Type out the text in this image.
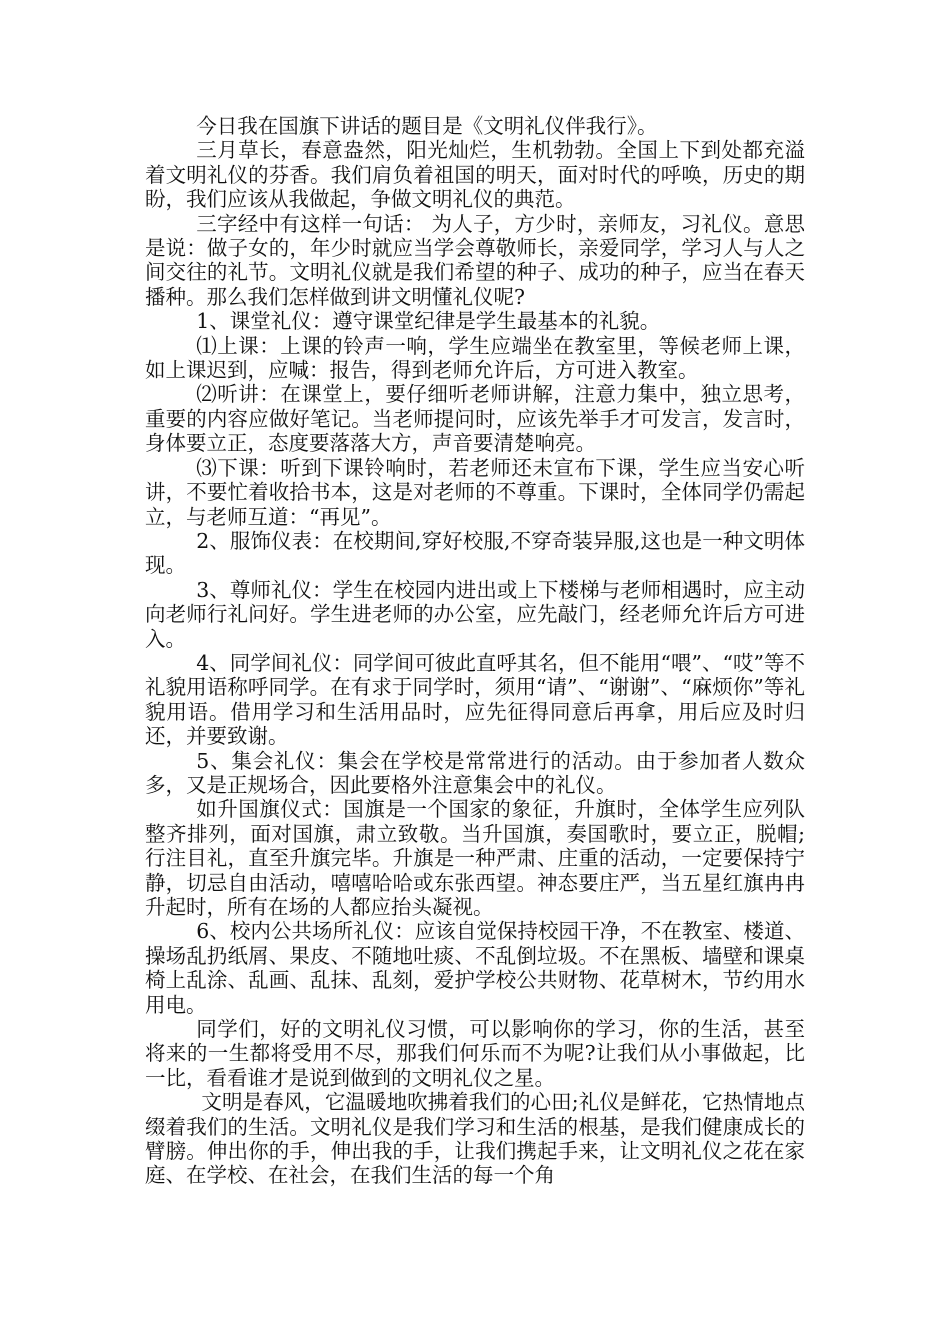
今日我在国旗下讲话的题目是《文明礼仪伴我行》。

三月草长，春意盎然，阳光灿烂，生机勃勃。全国上下到处都充溢着文明礼仪的芬香。我们肩负着祖国的明天，面对时代的呼唤，历史的期盼，我们应该从我做起，争做文明礼仪的典范。

三字经中有这样一句话： 为人子，方少时，亲师友，习礼仪。意思是说：做子女的，年少时就应当学会尊敬师长，亲爱同学，学习人与人之间交往的礼节。文明礼仪就是我们希望的种子、成功的种子，应当在春天播种。那么我们怎样做到讲文明懂礼仪呢?

1、课堂礼仪：遵守课堂纪律是学生最基本的礼貌。

⑴上课：上课的铃声一响，学生应端坐在教室里，等候老师上课，如上课迟到，应喊：报告，得到老师允许后，方可进入教室。

⑵听讲：在课堂上，要仔细听老师讲解，注意力集中，独立思考，重要的内容应做好笔记。当老师提问时，应该先举手才可发言，发言时，身体要立正，态度要落落大方，声音要清楚响亮。

⑶下课：听到下课铃响时，若老师还未宣布下课，学生应当安心听讲，不要忙着收拾书本，这是对老师的不尊重。下课时，全体同学仍需起立，与老师互道：“再见”。

2、服饰仪表：在校期间,穿好校服,不穿奇装异服,这也是一种文明体现。

3、尊师礼仪：学生在校园内进出或上下楼梯与老师相遇时，应主动向老师行礼问好。学生进老师的办公室，应先敲门，经老师允许后方可进入。

4、同学间礼仪：同学间可彼此直呼其名，但不能用“喂”、“哎”等不礼貌用语称呼同学。在有求于同学时，须用“请”、“谢谢”、“麻烦你”等礼貌用语。借用学习和生活用品时，应先征得同意后再拿，用后应及时归还，并要致谢。

5、集会礼仪：集会在学校是常常进行的活动。由于参加者人数众多，又是正规场合，因此要格外注意集会中的礼仪。

如升国旗仪式：国旗是一个国家的象征，升旗时，全体学生应列队整齐排列，面对国旗，肃立致敬。当升国旗，奏国歌时，要立正，脱帽;行注目礼，直至升旗完毕。升旗是一种严肃、庄重的活动，一定要保持宁静，切忌自由活动，嘻嘻哈哈或东张西望。神态要庄严，当五星红旗冉冉升起时，所有在场的人都应抬头凝视。

6、校内公共场所礼仪：应该自觉保持校园干净，不在教室、楼道、操场乱扔纸屑、果皮、不随地吐痰、不乱倒垃圾。不在黑板、墙壁和课桌椅上乱涂、乱画、乱抹、乱刻，爱护学校公共财物、花草树木，节约用水用电。

同学们，好的文明礼仪习惯，可以影响你的学习，你的生活，甚至将来的一生都将受用不尽，那我们何乐而不为呢?让我们从小事做起，比一比，看看谁才是说到做到的文明礼仪之星。

文明是春风，它温暖地吹拂着我们的心田;礼仪是鲜花，它热情地点缀着我们的生活。文明礼仪是我们学习和生活的根基，是我们健康成长的臂膀。伸出你的手，伸出我的手，让我们携起手来，让文明礼仪之花在家庭、在学校、在社会，在我们生活的每一个角
